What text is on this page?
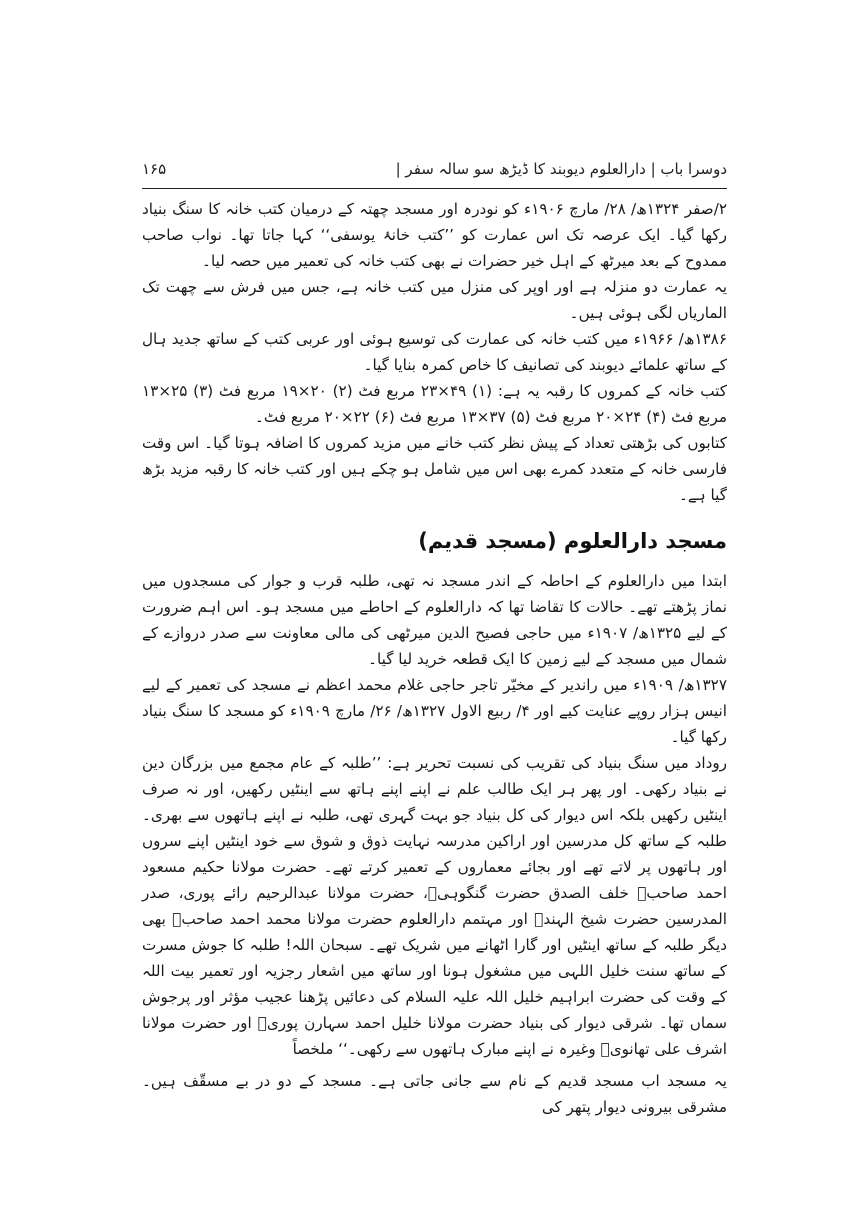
دوسرا باب | دارالعلوم دیوبند کا ڈیڑھ سو سالہ سفر |
۱۶۵

۲/صفر ۱۳۲۴ھ/ ۲۸/ مارچ ۱۹۰۶ء کو نودرہ اور مسجد چھتہ کے درمیان کتب خانہ کا سنگ بنیاد رکھا گیا۔ ایک عرصہ تک اس عمارت کو ’’کتب خانۂ یوسفی‘‘ کہا جاتا تھا۔ نواب صاحب ممدوح کے بعد میرٹھ کے اہل خیر حضرات نے بھی کتب خانہ کی تعمیر میں حصہ لیا۔

یہ عمارت دو منزلہ ہے اور اوپر کی منزل میں کتب خانہ ہے، جس میں فرش سے چھت تک الماریاں لگی ہوئی ہیں۔

۱۳۸۶ھ/ ۱۹۶۶ء میں کتب خانہ کی عمارت کی توسیع ہوئی اور عربی کتب کے ساتھ جدید ہال کے ساتھ علمائے دیوبند کی تصانیف کا خاص کمرہ بنایا گیا۔

کتب خانہ کے کمروں کا رقبہ یہ ہے: (۱) ۴۹×۲۳ مربع فٹ (۲) ۲۰×۱۹ مربع فٹ (۳) ۲۵×۱۳ مربع فٹ (۴) ۲۴×۲۰ مربع فٹ (۵) ۳۷×۱۳ مربع فٹ (۶) ۲۲×۲۰ مربع فٹ۔

کتابوں کی بڑھتی تعداد کے پیش نظر کتب خانے میں مزید کمروں کا اضافہ ہوتا گیا۔ اس وقت فارسی خانہ کے متعدد کمرے بھی اس میں شامل ہو چکے ہیں اور کتب خانہ کا رقبہ مزید بڑھ گیا ہے۔

مسجد دارالعلوم (مسجد قدیم)

ابتدا میں دارالعلوم کے احاطہ کے اندر مسجد نہ تھی، طلبہ قرب و جوار کی مسجدوں میں نماز پڑھتے تھے۔ حالات کا تقاضا تھا کہ دارالعلوم کے احاطے میں مسجد ہو۔ اس اہم ضرورت کے لیے ۱۳۲۵ھ/ ۱۹۰۷ء میں حاجی فصیح الدین میرٹھی کی مالی معاونت سے صدر دروازے کے شمال میں مسجد کے لیے زمین کا ایک قطعہ خرید لیا گیا۔

۱۳۲۷ھ/ ۱۹۰۹ء میں راندیر کے مخیّر تاجر حاجی غلام محمد اعظم نے مسجد کی تعمیر کے لیے انیس ہزار روپے عنایت کیے اور ۴/ ربیع الاول ۱۳۲۷ھ/ ۲۶/ مارچ ۱۹۰۹ء کو مسجد کا سنگ بنیاد رکھا گیا۔

روداد میں سنگ بنیاد کی تقریب کی نسبت تحریر ہے: ’’طلبہ کے عام مجمع میں بزرگان دین نے بنیاد رکھی۔ اور پھر ہر ایک طالب علم نے اپنے اپنے ہاتھ سے اینٹیں رکھیں، اور نہ صرف اینٹیں رکھیں بلکہ اس دیوار کی کل بنیاد جو بہت گہری تھی، طلبہ نے اپنے ہاتھوں سے بھری۔ طلبہ کے ساتھ کل مدرسین اور اراکین مدرسہ نہایت ذوق و شوق سے خود اینٹیں اپنے سروں اور ہاتھوں پر لاتے تھے اور بجائے معماروں کے تعمیر کرتے تھے۔ حضرت مولانا حکیم مسعود احمد صاحبؒ خلف الصدق حضرت گنگوہیؒ، حضرت مولانا عبدالرحیم رائے پوری، صدر المدرسین حضرت شیخ الہندؒ اور مہتمم دارالعلوم حضرت مولانا محمد احمد صاحبؒ بھی دیگر طلبہ کے ساتھ اینٹیں اور گارا اٹھانے میں شریک تھے۔ سبحان اللہ! طلبہ کا جوش مسرت کے ساتھ سنت خلیل اللہی میں مشغول ہونا اور ساتھ میں اشعار رجزیہ اور تعمیر بیت اللہ کے وقت کی حضرت ابراہیم خلیل اللہ علیہ السلام کی دعائیں پڑھنا عجیب مؤثر اور پرجوش سماں تھا۔ شرقی دیوار کی بنیاد حضرت مولانا خلیل احمد سہارن پوریؒ اور حضرت مولانا اشرف علی تھانویؒ وغیرہ نے اپنے مبارک ہاتھوں سے رکھی۔‘‘ ملخصاً

یہ مسجد اب مسجد قدیم کے نام سے جانی جاتی ہے۔ مسجد کے دو در بے مسقّف ہیں۔ مشرقی بیرونی دیوار پتھر کی
